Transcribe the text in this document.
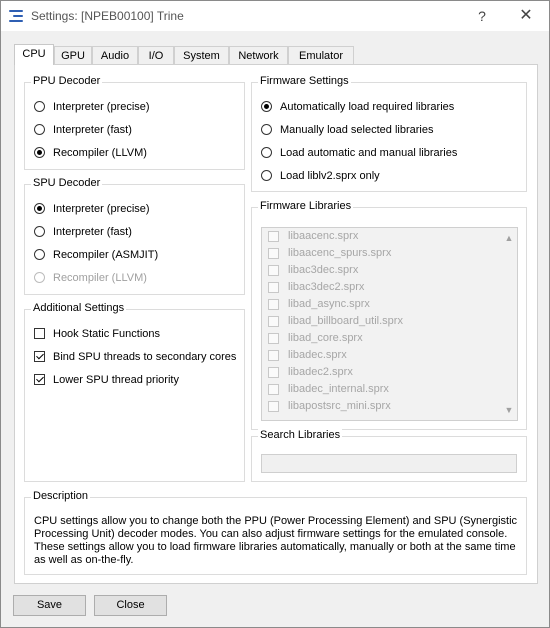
Settings: [NPEB00100] Trine	?	✕
CPU	GPU	Audio	I/O	System	Network	Emulator
PPU Decoder
Interpreter (precise)
Interpreter (fast)
Recompiler (LLVM)
SPU Decoder
Interpreter (precise)
Interpreter (fast)
Recompiler (ASMJIT)
Recompiler (LLVM)
Additional Settings
Hook Static Functions
Bind SPU threads to secondary cores
Lower SPU thread priority
Firmware Settings
Automatically load required libraries
Manually load selected libraries
Load automatic and manual libraries
Load liblv2.sprx only
Firmware Libraries
libaacenc.sprx
libaacenc_spurs.sprx
libac3dec.sprx
libac3dec2.sprx
libad_async.sprx
libad_billboard_util.sprx
libad_core.sprx
libadec.sprx
libadec2.sprx
libadec_internal.sprx
libapostsrc_mini.sprx
▲
▼
Search Libraries
Description
CPU settings allow you to change both the PPU (Power Processing Element) and SPU (Synergistic Processing Unit) decoder modes. You can also adjust firmware settings for the emulated console. These settings allow you to load firmware libraries automatically, manually or both at the same time as well as on-the-fly.
Save	Close
